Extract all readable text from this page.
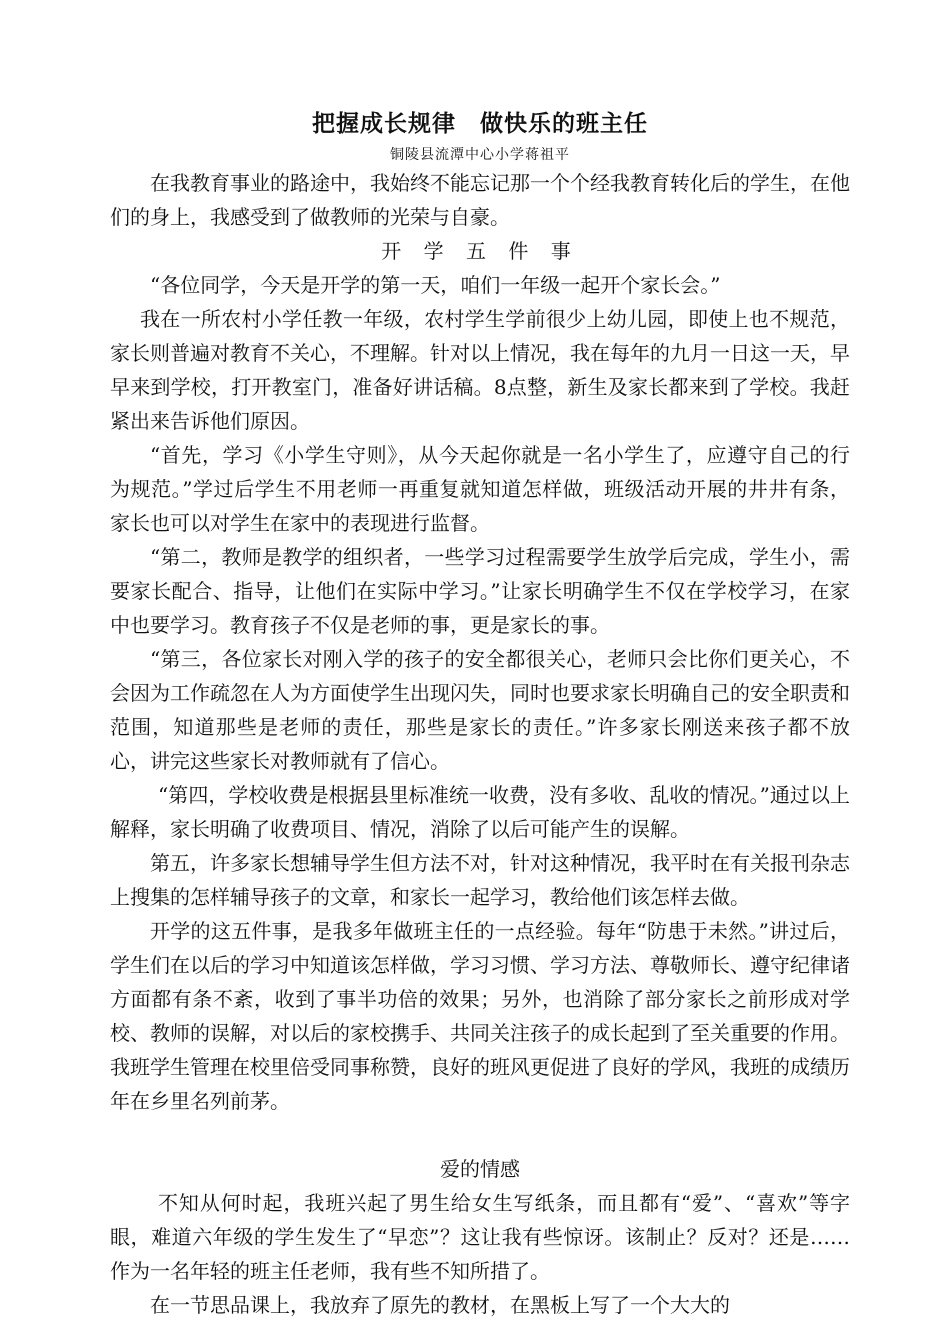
把握成长规律　做快乐的班主任
铜陵县流潭中心小学蒋祖平

在我教育事业的路途中，我始终不能忘记那一个个经我教育转化后的学生，在他们的身上，我感受到了做教师的光荣与自豪。

开 学 五 件 事

“各位同学，今天是开学的第一天，咱们一年级一起开个家长会。”

我在一所农村小学任教一年级，农村学生学前很少上幼儿园，即使上也不规范，家长则普遍对教育不关心，不理解。针对以上情况，我在每年的九月一日这一天，早早来到学校，打开教室门，准备好讲话稿。8点整，新生及家长都来到了学校。我赶紧出来告诉他们原因。

“首先，学习《小学生守则》，从今天起你就是一名小学生了，应遵守自己的行为规范。”学过后学生不用老师一再重复就知道怎样做，班级活动开展的井井有条，家长也可以对学生在家中的表现进行监督。

“第二，教师是教学的组织者，一些学习过程需要学生放学后完成，学生小，需要家长配合、指导，让他们在实际中学习。”让家长明确学生不仅在学校学习，在家中也要学习。教育孩子不仅是老师的事，更是家长的事。

“第三，各位家长对刚入学的孩子的安全都很关心，老师只会比你们更关心，不会因为工作疏忽在人为方面使学生出现闪失，同时也要求家长明确自己的安全职责和范围，知道那些是老师的责任，那些是家长的责任。”许多家长刚送来孩子都不放心，讲完这些家长对教师就有了信心。

“第四，学校收费是根据县里标准统一收费，没有多收、乱收的情况。”通过以上解释，家长明确了收费项目、情况，消除了以后可能产生的误解。

第五，许多家长想辅导学生但方法不对，针对这种情况，我平时在有关报刊杂志上搜集的怎样辅导孩子的文章，和家长一起学习，教给他们该怎样去做。

开学的这五件事，是我多年做班主任的一点经验。每年“防患于未然。”讲过后，学生们在以后的学习中知道该怎样做，学习习惯、学习方法、尊敬师长、遵守纪律诸方面都有条不紊，收到了事半功倍的效果；另外，也消除了部分家长之前形成对学校、教师的误解，对以后的家校携手、共同关注孩子的成长起到了至关重要的作用。我班学生管理在校里倍受同事称赞，良好的班风更促进了良好的学风，我班的成绩历年在乡里名列前茅。

爱的情感

不知从何时起，我班兴起了男生给女生写纸条，而且都有“爱”、“喜欢”等字眼，难道六年级的学生发生了“早恋”？这让我有些惊讶。该制止？反对？还是……作为一名年轻的班主任老师，我有些不知所措了。

在一节思品课上，我放弃了原先的教材，在黑板上写了一个大大的
